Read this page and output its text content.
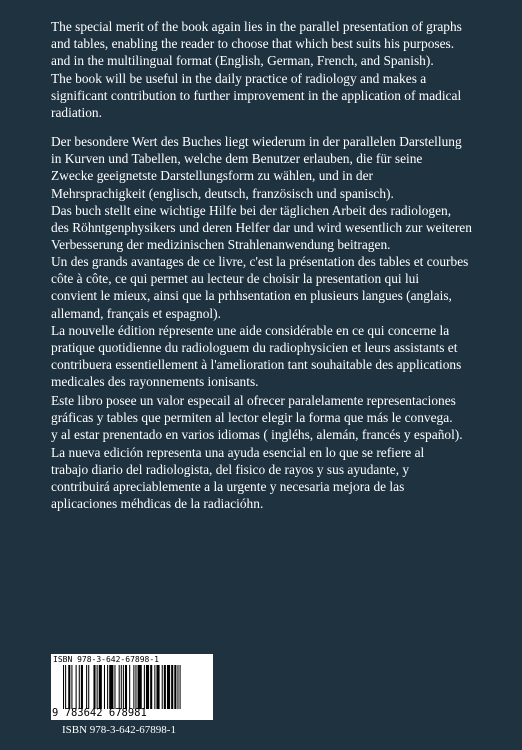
The special merit of the book again lies in the parallel presentation of graphs

and tables, enabling the reader to choose that which best suits his purposes.

and in the multilingual format (English, German, French, and Spanish).

The book will be useful in the daily practice of radiology and makes a

significant contribution to further improvement in the application of madical

radiation.

Der besondere Wert des Buches liegt wiederum in der parallelen Darstellung

in Kurven und Tabellen, welche dem Benutzer erlauben, die für seine

Zwecke geeignetste Darstellungsform zu wählen, und in der

Mehrsprachigkeit (englisch, deutsch, französisch und spanisch).

Das buch stellt eine wichtige Hilfe bei der täglichen Arbeit des radiologen,

des Röhntgenphysikers und deren Helfer dar und wird wesentlich zur weiteren

Verbesserung der medizinischen Strahlenanwendung beitragen.

Un des grands avantages de ce livre, c'est la présentation des tables et courbes

côte à côte, ce qui permet au lecteur de choisir la presentation qui lui

convient le mieux, ainsi que la prhhsentation en plusieurs langues (anglais,

allemand, français et espagnol).

La nouvelle édition répresente une aide considérable en ce qui concerne la

pratique quotidienne du radiologuem du radiophysicien et leurs assistants et

contribuera essentiellement à l'amelioration tant souhaitable des applications

medicales des rayonnements ionisants.

Este libro posee un valor especail al ofrecer paralelamente representaciones

gráficas y tables que permiten al lector elegir la forma que más le convega.

y al estar prenentado en varios idiomas ( ingléhs, alemán, francés y español).

La nueva edición representa una ayuda esencial en lo que se refiere al

trabajo diario del radiologista, del fisico de rayos y sus ayudante, y

contribuirá apreciablemente a la urgente y necesaria mejora de las

aplicaciones méhdicas de la radiacióhn.

ISBN 978-3-642-67898-1
9 783642 678981
ISBN 978-3-642-67898-1
